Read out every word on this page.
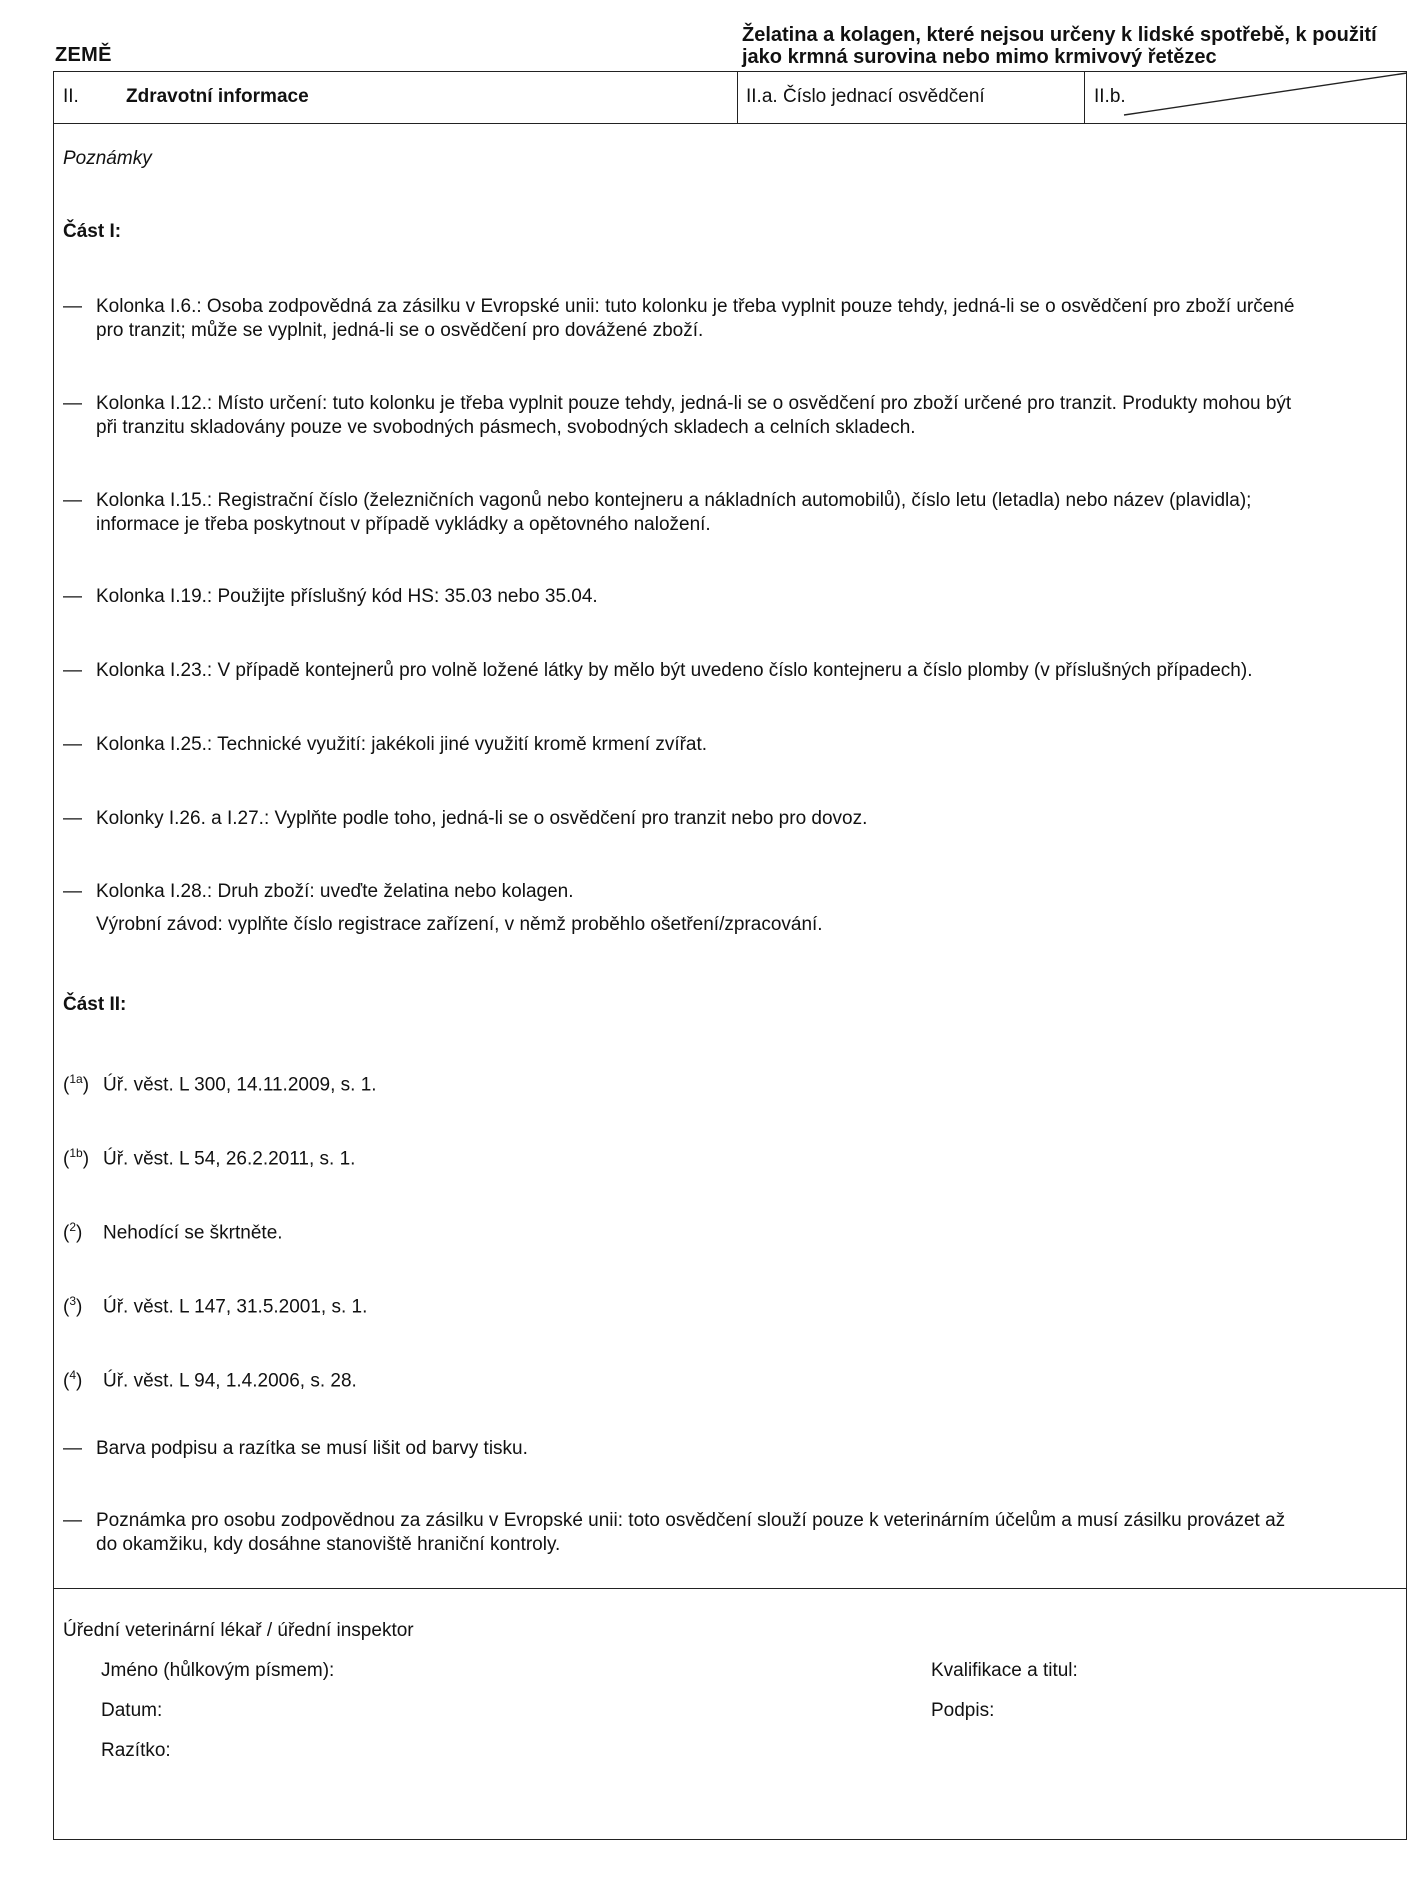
ZEMĚ
Želatina a kolagen, které nejsou určeny k lidské spotřebě, k použití
jako krmná surovina nebo mimo krmivový řetězec
II. Zdravotní informace	II.a. Číslo jednací osvědčení	II.b.
Poznámky
Část I:
— Kolonka I.6.: Osoba zodpovědná za zásilku v Evropské unii: tuto kolonku je třeba vyplnit pouze tehdy, jedná-li se o osvědčení pro zboží určené
pro tranzit; může se vyplnit, jedná-li se o osvědčení pro dovážené zboží.
— Kolonka I.12.: Místo určení: tuto kolonku je třeba vyplnit pouze tehdy, jedná-li se o osvědčení pro zboží určené pro tranzit. Produkty mohou být
při tranzitu skladovány pouze ve svobodných pásmech, svobodných skladech a celních skladech.
— Kolonka I.15.: Registrační číslo (železničních vagonů nebo kontejneru a nákladních automobilů), číslo letu (letadla) nebo název (plavidla);
informace je třeba poskytnout v případě vykládky a opětovného naložení.
— Kolonka I.19.: Použijte příslušný kód HS: 35.03 nebo 35.04.
— Kolonka I.23.: V případě kontejnerů pro volně ložené látky by mělo být uvedeno číslo kontejneru a číslo plomby (v příslušných případech).
— Kolonka I.25.: Technické využití: jakékoli jiné využití kromě krmení zvířat.
— Kolonky I.26. a I.27.: Vyplňte podle toho, jedná-li se o osvědčení pro tranzit nebo pro dovoz.
— Kolonka I.28.: Druh zboží: uveďte želatina nebo kolagen.
Výrobní závod: vyplňte číslo registrace zařízení, v němž proběhlo ošetření/zpracování.
Část II:
($^{1a}$) Úř. věst. L 300, 14.11.2009, s. 1.
($^{1b}$) Úř. věst. L 54, 26.2.2011, s. 1.
($^2$) Nehodící se škrtněte.
($^3$) Úř. věst. L 147, 31.5.2001, s. 1.
($^4$) Úř. věst. L 94, 1.4.2006, s. 28.
— Barva podpisu a razítka se musí lišit od barvy tisku.
— Poznámka pro osobu zodpovědnou za zásilku v Evropské unii: toto osvědčení slouží pouze k veterinárním účelům a musí zásilku provázet až
do okamžiku, kdy dosáhne stanoviště hraniční kontroly.
Úřední veterinární lékař / úřední inspektor
Jméno (hůlkovým písmem):	Kvalifikace a titul:
Datum:	Podpis:
Razítko:
